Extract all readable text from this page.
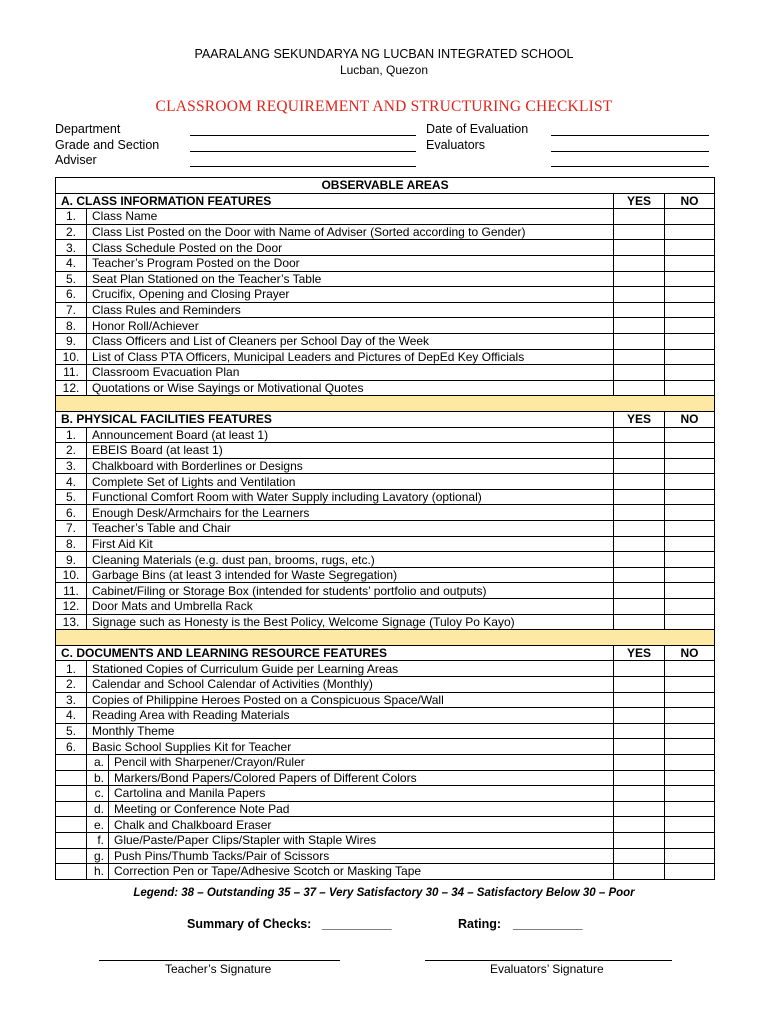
PAARALANG SEKUNDARYA NG LUCBAN INTEGRATED SCHOOL
Lucban, Quezon
CLASSROOM REQUIREMENT AND STRUCTURING CHECKLIST
Department
Grade and Section
Adviser
Date of Evaluation
Evaluators
OBSERVABLE AREAS				
A. CLASS INFORMATION FEATURES			YES	NO
1.	Class Name			
2.	Class List Posted on the Door with Name of Adviser (Sorted according to Gender)			
3.	Class Schedule Posted on the Door			
4.	Teacher’s Program Posted on the Door			
5.	Seat Plan Stationed on the Teacher’s Table			
6.	Crucifix, Opening and Closing Prayer			
7.	Class Rules and Reminders			
8.	Honor Roll/Achiever			
9.	Class Officers and List of Cleaners per School Day of the Week			
10.	List of Class PTA Officers, Municipal Leaders and Pictures of DepEd Key Officials			
11.	Classroom Evacuation Plan			
12.	Quotations or Wise Sayings or Motivational Quotes			

B. PHYSICAL FACILITIES FEATURES			YES	NO
1.	Announcement Board (at least 1)			
2.	EBEIS Board (at least 1)			
3.	Chalkboard with Borderlines or Designs			
4.	Complete Set of Lights and Ventilation			
5.	Functional Comfort Room with Water Supply including Lavatory (optional)			
6.	Enough Desk/Armchairs for the Learners			
7.	Teacher’s Table and Chair			
8.	First Aid Kit			
9.	Cleaning Materials (e.g. dust pan, brooms, rugs, etc.)			
10.	Garbage Bins (at least 3 intended for Waste Segregation)			
11.	Cabinet/Filing or Storage Box (intended for students’ portfolio and outputs)			
12.	Door Mats and Umbrella Rack			
13.	Signage such as Honesty is the Best Policy, Welcome Signage (Tuloy Po Kayo)			

C. DOCUMENTS AND LEARNING RESOURCE FEATURES			YES	NO
1.	Stationed Copies of Curriculum Guide per Learning Areas			
2.	Calendar and School Calendar of Activities (Monthly)			
3.	Copies of Philippine Heroes Posted on a Conspicuous Space/Wall			
4.	Reading Area with Reading Materials			
5.	Monthly Theme			
6.	Basic School Supplies Kit for Teacher			
	a.	Pencil with Sharpener/Crayon/Ruler		
	b.	Markers/Bond Papers/Colored Papers of Different Colors		
	c.	Cartolina and Manila Papers		
	d.	Meeting or Conference Note Pad		
	e.	Chalk and Chalkboard Eraser		
	f.	Glue/Paste/Paper Clips/Stapler with Staple Wires		
	g.	Push Pins/Thumb Tacks/Pair of Scissors		
	h.	Correction Pen or Tape/Adhesive Scotch or Masking Tape		
Legend: 38 – Outstanding 35 – 37 – Very Satisfactory 30 – 34 – Satisfactory Below 30 – Poor
Summary of Checks: __________	Rating: __________
Teacher’s Signature	Evaluators’ Signature
